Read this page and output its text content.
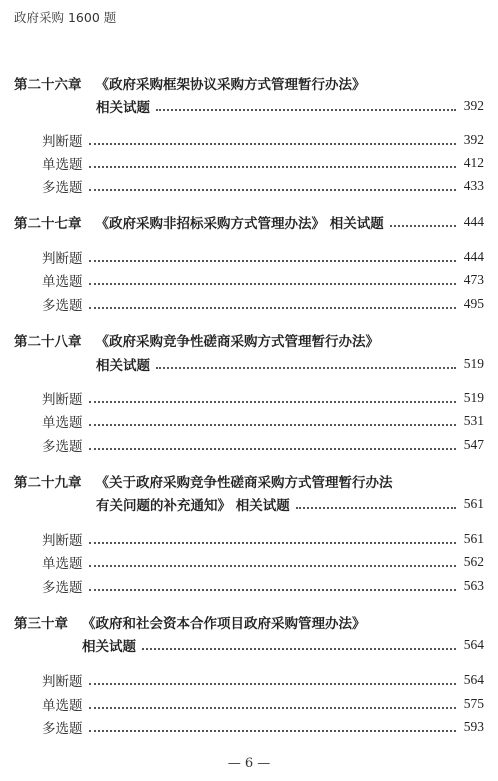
政府采购 1600 题
第二十六章 《政府采购框架协议采购方式管理暂行办法》
相关试题	392
判断题	392
单选题	412
多选题	433
第二十七章 《政府采购非招标采购方式管理办法》 相关试题	444
判断题	444
单选题	473
多选题	495
第二十八章 《政府采购竞争性磋商采购方式管理暂行办法》
相关试题	519
判断题	519
单选题	531
多选题	547
第二十九章 《关于政府采购竞争性磋商采购方式管理暂行办法
有关问题的补充通知》 相关试题	561
判断题	561
单选题	562
多选题	563
第三十章 《政府和社会资本合作项目政府采购管理办法》
相关试题	564
判断题	564
单选题	575
多选题	593
— 6 —
